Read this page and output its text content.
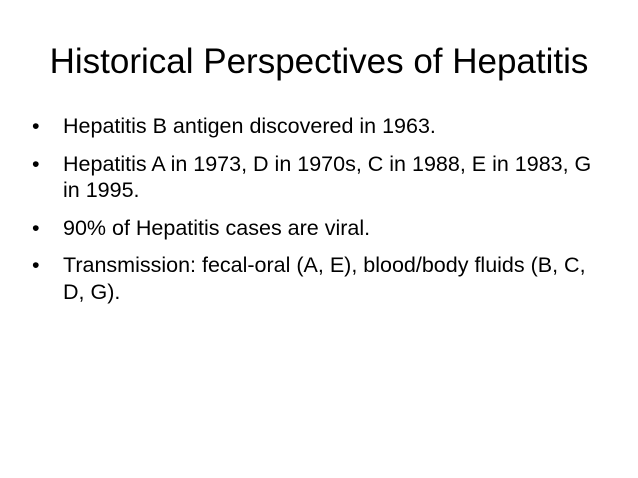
Historical Perspectives of Hepatitis
•	Hepatitis B antigen discovered in 1963.
•	Hepatitis A in 1973, D in 1970s, C in 1988, E in 1983, G in 1995.
•	90% of Hepatitis cases are viral.
•	Transmission: fecal-oral (A, E), blood/body fluids (B, C, D, G).
